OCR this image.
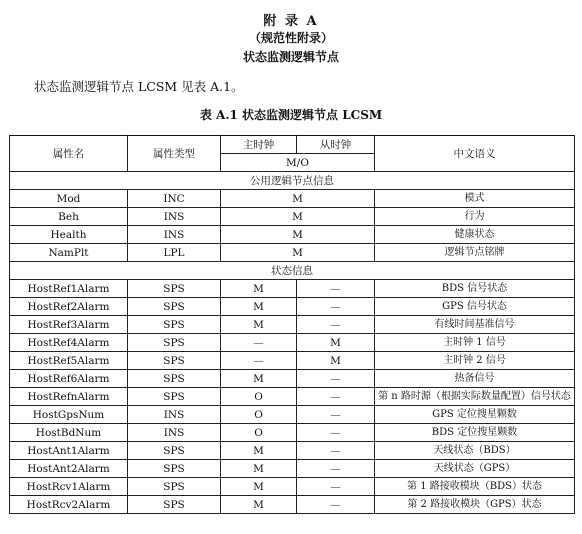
附 录 A
（规范性附录）
状态监测逻辑节点
状态监测逻辑节点 LCSM 见表 A.1。
表 A.1 状态监测逻辑节点 LCSM
属性名	属性类型	主时钟	从时钟	中文语义
		M/O		
公用逻辑节点信息				
Mod	INC	M		模式
Beh	INS	M		行为
Health	INS	M		健康状态
NamPlt	LPL	M		逻辑节点铭牌
状态信息				
HostRef1Alarm	SPS	M	—	BDS 信号状态
HostRef2Alarm	SPS	M	—	GPS 信号状态
HostRef3Alarm	SPS	M	—	有线时间基准信号
HostRef4Alarm	SPS	—	M	主时钟 1 信号
HostRef5Alarm	SPS	—	M	主时钟 2 信号
HostRef6Alarm	SPS	M	—	热备信号
HostRefnAlarm	SPS	O	—	第 n 路时源（根据实际数量配置）信号状态
HostGpsNum	INS	O	—	GPS 定位搜星颗数
HostBdNum	INS	O	—	BDS 定位搜星颗数
HostAnt1Alarm	SPS	M	—	天线状态（BDS）
HostAnt2Alarm	SPS	M	—	天线状态（GPS）
HostRcv1Alarm	SPS	M	—	第 1 路接收模块（BDS）状态
HostRcv2Alarm	SPS	M	—	第 2 路接收模块（GPS）状态
